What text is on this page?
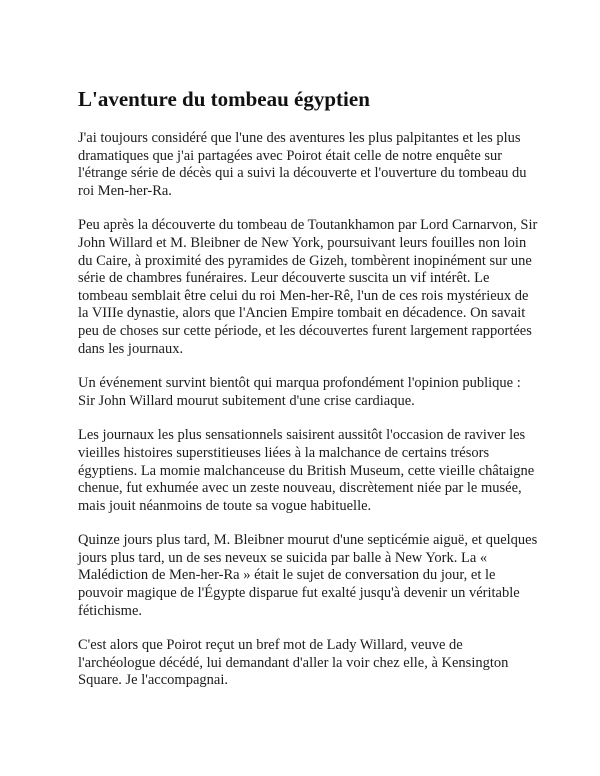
L'aventure du tombeau égyptien

J'ai toujours considéré que l'une des aventures les plus palpitantes et les plus dramatiques que j'ai partagées avec Poirot était celle de notre enquête sur l'étrange série de décès qui a suivi la découverte et l'ouverture du tombeau du roi Men-her-Ra.

Peu après la découverte du tombeau de Toutankhamon par Lord Carnarvon, Sir John Willard et M. Bleibner de New York, poursuivant leurs fouilles non loin du Caire, à proximité des pyramides de Gizeh, tombèrent inopinément sur une série de chambres funéraires. Leur découverte suscita un vif intérêt. Le tombeau semblait être celui du roi Men-her-Rê, l'un de ces rois mystérieux de la VIIIe dynastie, alors que l'Ancien Empire tombait en décadence. On savait peu de choses sur cette période, et les découvertes furent largement rapportées dans les journaux.

Un événement survint bientôt qui marqua profondément l'opinion publique : Sir John Willard mourut subitement d'une crise cardiaque.

Les journaux les plus sensationnels saisirent aussitôt l'occasion de raviver les vieilles histoires superstitieuses liées à la malchance de certains trésors égyptiens. La momie malchanceuse du British Museum, cette vieille châtaigne chenue, fut exhumée avec un zeste nouveau, discrètement niée par le musée, mais jouit néanmoins de toute sa vogue habituelle.

Quinze jours plus tard, M. Bleibner mourut d'une septicémie aiguë, et quelques jours plus tard, un de ses neveux se suicida par balle à New York. La « Malédiction de Men-her-Ra » était le sujet de conversation du jour, et le pouvoir magique de l'Égypte disparue fut exalté jusqu'à devenir un véritable fétichisme.

C'est alors que Poirot reçut un bref mot de Lady Willard, veuve de l'archéologue décédé, lui demandant d'aller la voir chez elle, à Kensington Square. Je l'accompagnai.
